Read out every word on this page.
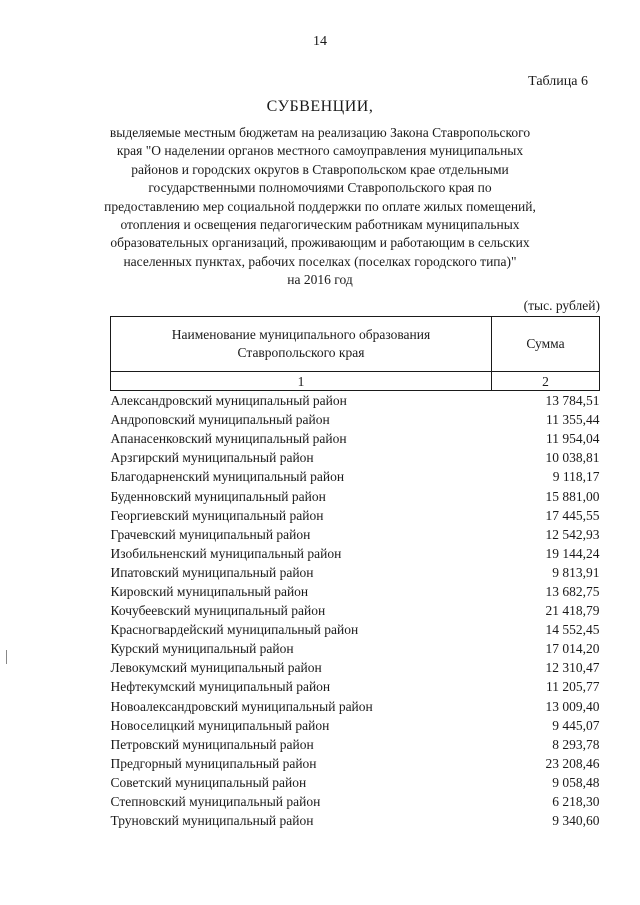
14
Таблица 6
СУБВЕНЦИИ,
выделяемые местным бюджетам на реализацию Закона Ставропольского
края "О наделении органов местного самоуправления муниципальных
районов и городских округов в Ставропольском крае отдельными
государственными полномочиями Ставропольского края по
предоставлению мер социальной поддержки по оплате жилых помещений,
отопления и освещения педагогическим работникам муниципальных
образовательных организаций, проживающим и работающим в сельских
населенных пунктах, рабочих поселках (поселках городского типа)"
на 2016 год
(тыс. рублей)
Наименование муниципального образования
Ставропольского края	Сумма
1	2
Александровский муниципальный район	13 784,51
Андроповский муниципальный район	11 355,44
Апанасенковский муниципальный район	11 954,04
Арзгирский муниципальный район	10 038,81
Благодарненский муниципальный район	9 118,17
Буденновский муниципальный район	15 881,00
Георгиевский муниципальный район	17 445,55
Грачевский муниципальный район	12 542,93
Изобильненский муниципальный район	19 144,24
Ипатовский муниципальный район	9 813,91
Кировский муниципальный район	13 682,75
Кочубеевский муниципальный район	21 418,79
Красногвардейский муниципальный район	14 552,45
Курский муниципальный район	17 014,20
Левокумский муниципальный район	12 310,47
Нефтекумский муниципальный район	11 205,77
Новоалександровский муниципальный район	13 009,40
Новоселицкий муниципальный район	9 445,07
Петровский муниципальный район	8 293,78
Предгорный муниципальный район	23 208,46
Советский муниципальный район	9 058,48
Степновский муниципальный район	6 218,30
Труновский муниципальный район	9 340,60
